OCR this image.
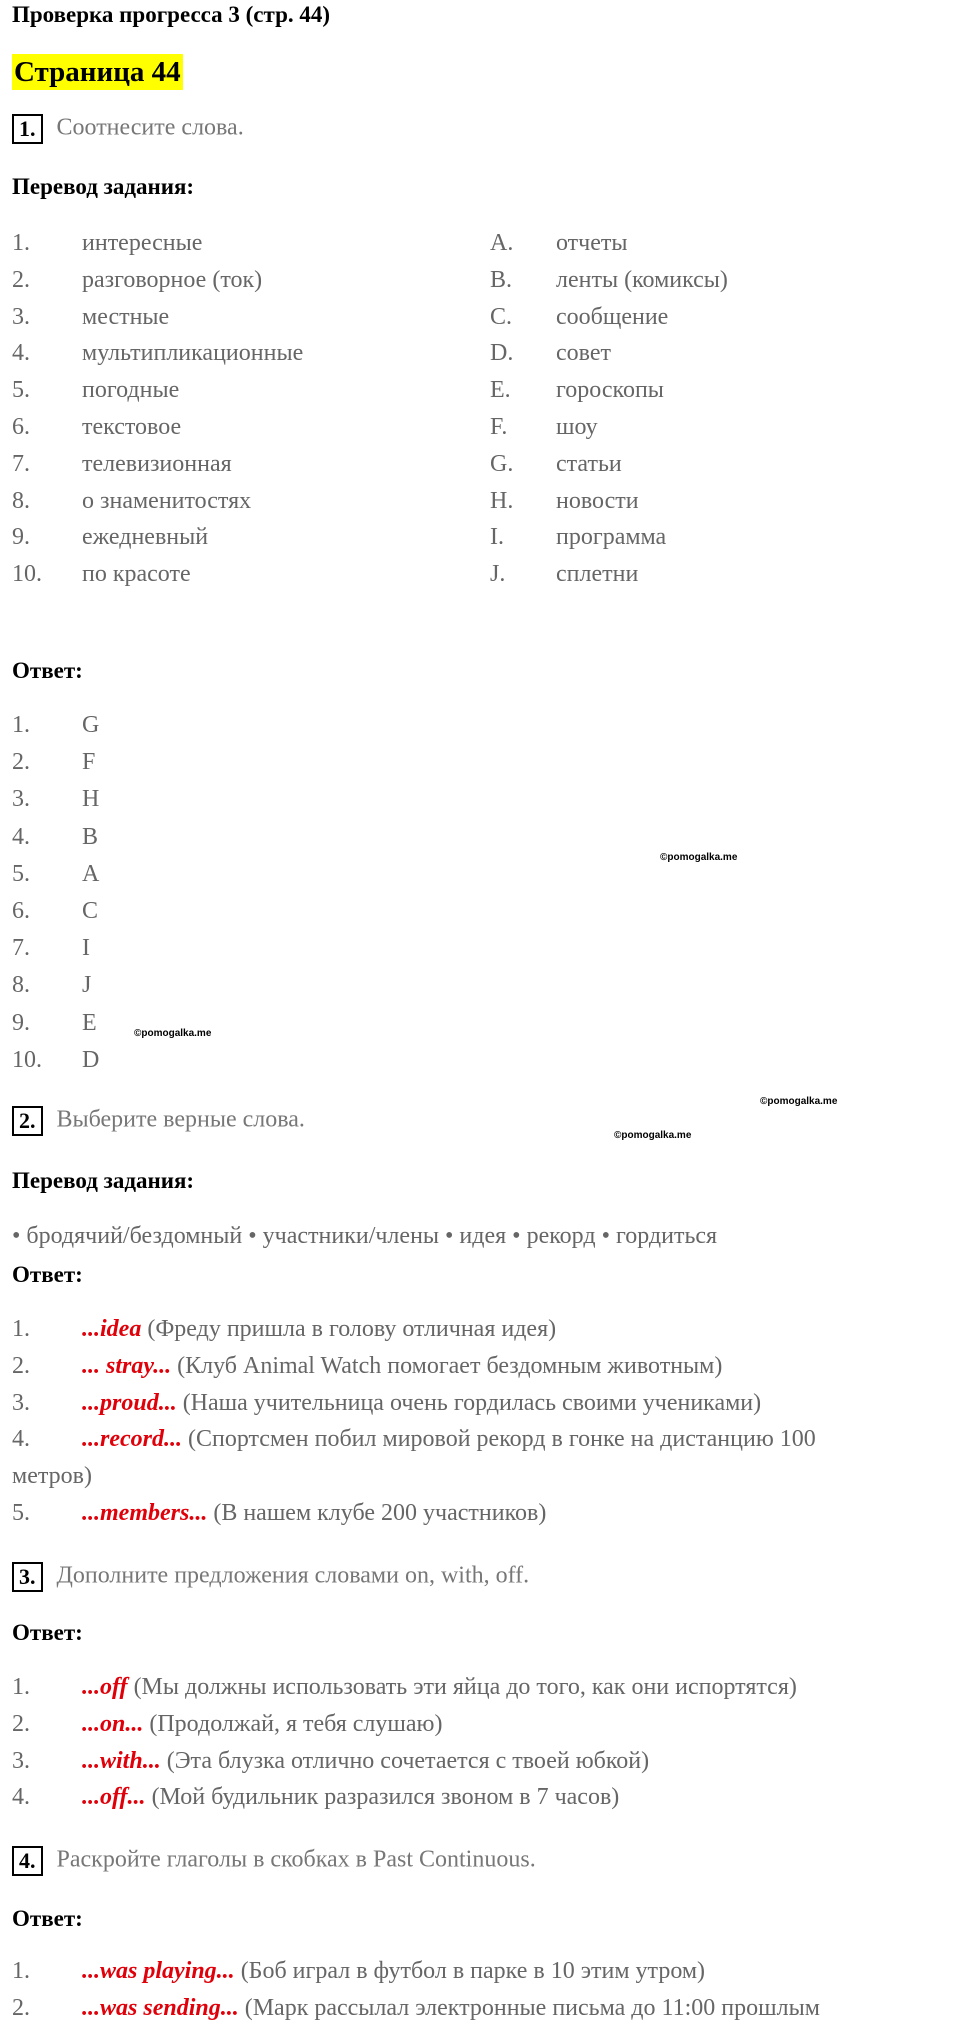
Проверка прогресса 3 (стр. 44)
Страница 44
1. Соотнесите слова.
Перевод задания:
1. интересные
2. разговорное (ток)
3. местные
4. мультипликационные
5. погодные
6. текстовое
7. телевизионная
8. о знаменитостях
9. ежедневный
10. по красоте
A. отчеты
B. ленты (комиксы)
C. сообщение
D. совет
E. гороскопы
F. шоу
G. статьи
H. новости
I. программа
J. сплетни
Ответ:
1. G
2. F
3. H
4. B
5. A
6. C
7. I
8. J
9. E
10. D
2. Выберите верные слова.
Перевод задания:
• бродячий/бездомный • участники/члены • идея • рекорд • гордиться
Ответ:
1. ...idea (Фреду пришла в голову отличная идея)
2. ... stray... (Клуб Animal Watch помогает бездомным животным)
3. ...proud... (Наша учительница очень гордилась своими учениками)
4. ...record... (Спортсмен побил мировой рекорд в гонке на дистанцию 100
метров)
5. ...members... (В нашем клубе 200 участников)
3. Дополните предложения словами on, with, off.
Ответ:
1. ...off (Мы должны использовать эти яйца до того, как они испортятся)
2. ...on... (Продолжай, я тебя слушаю)
3. ...with... (Эта блузка отлично сочетается с твоей юбкой)
4. ...off... (Мой будильник разразился звоном в 7 часов)
4. Раскройте глаголы в скобках в Past Continuous.
Ответ:
1. ...was playing... (Боб играл в футбол в парке в 10 этим утром)
2. ...was sending... (Марк рассылал электронные письма до 11:00 прошлым
©pomogalka.me
©pomogalka.me
©pomogalka.me
©pomogalka.me
